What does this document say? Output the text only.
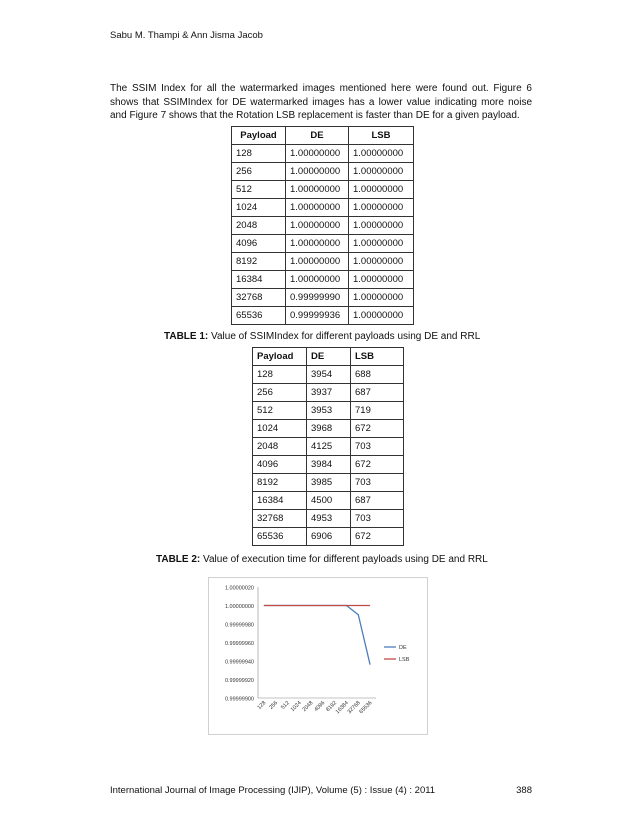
Sabu M. Thampi & Ann Jisma Jacob
The SSIM Index for all the watermarked images mentioned here were found out. Figure 6 shows that SSIMIndex for DE watermarked images has a lower value indicating more noise and Figure 7 shows that the Rotation LSB replacement is faster than DE for a given payload.
Payload	DE	LSB
128	1.00000000	1.00000000
256	1.00000000	1.00000000
512	1.00000000	1.00000000
1024	1.00000000	1.00000000
2048	1.00000000	1.00000000
4096	1.00000000	1.00000000
8192	1.00000000	1.00000000
16384	1.00000000	1.00000000
32768	0.99999990	1.00000000
65536	0.99999936	1.00000000
TABLE 1: Value of SSIMIndex for different payloads using DE and RRL
Payload	DE	LSB
128	3954	688
256	3937	687
512	3953	719
1024	3968	672
2048	4125	703
4096	3984	672
8192	3985	703
16384	4500	687
32768	4953	703
65536	6906	672
TABLE 2: Value of execution time for different payloads using DE and RRL
1.00000020
1.00000000
0.99999980
0.99999960
0.99999940
0.99999920
0.99999900
128 256 512
1024
2048
4096
8192
16384
32768
65536
DE
LSB
International Journal of Image Processing (IJIP), Volume (5) : Issue (4) : 2011	388
